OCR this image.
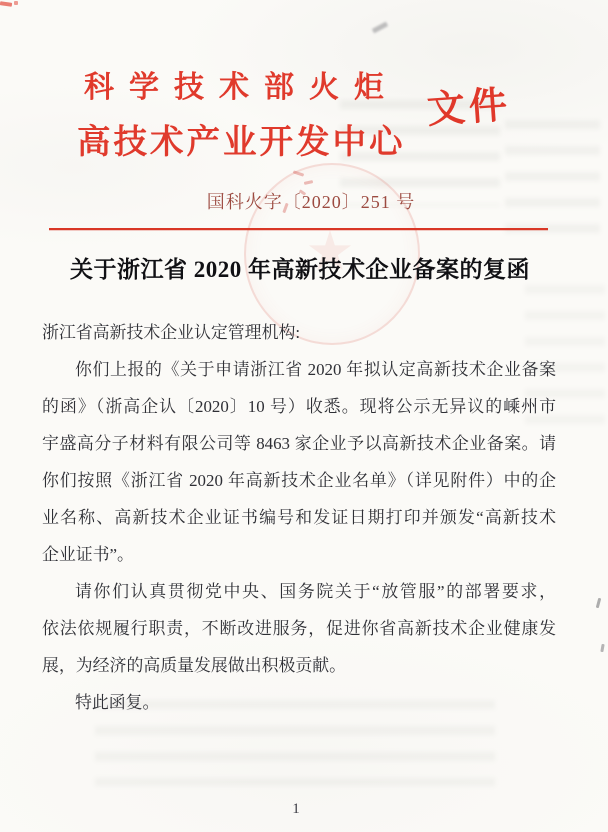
科学技术部火炬
高技术产业开发中心
文件
国科火字〔2020〕251 号
关于浙江省 2020 年高新技术企业备案的复函
浙江省高新技术企业认定管理机构:
你们上报的《关于申请浙江省 2020 年拟认定高新技术企业备案
的函》（浙高企认〔2020〕10 号）收悉。现将公示无异议的嵊州市
宇盛高分子材料有限公司等 8463 家企业予以高新技术企业备案。请
你们按照《浙江省 2020 年高新技术企业名单》（详见附件）中的企
业名称、高新技术企业证书编号和发证日期打印并颁发“高新技术
企业证书”。
请你们认真贯彻党中央、国务院关于“放管服”的部署要求，
依法依规履行职责，不断改进服务，促进你省高新技术企业健康发
展，为经济的高质量发展做出积极贡献。
特此函复。
1
